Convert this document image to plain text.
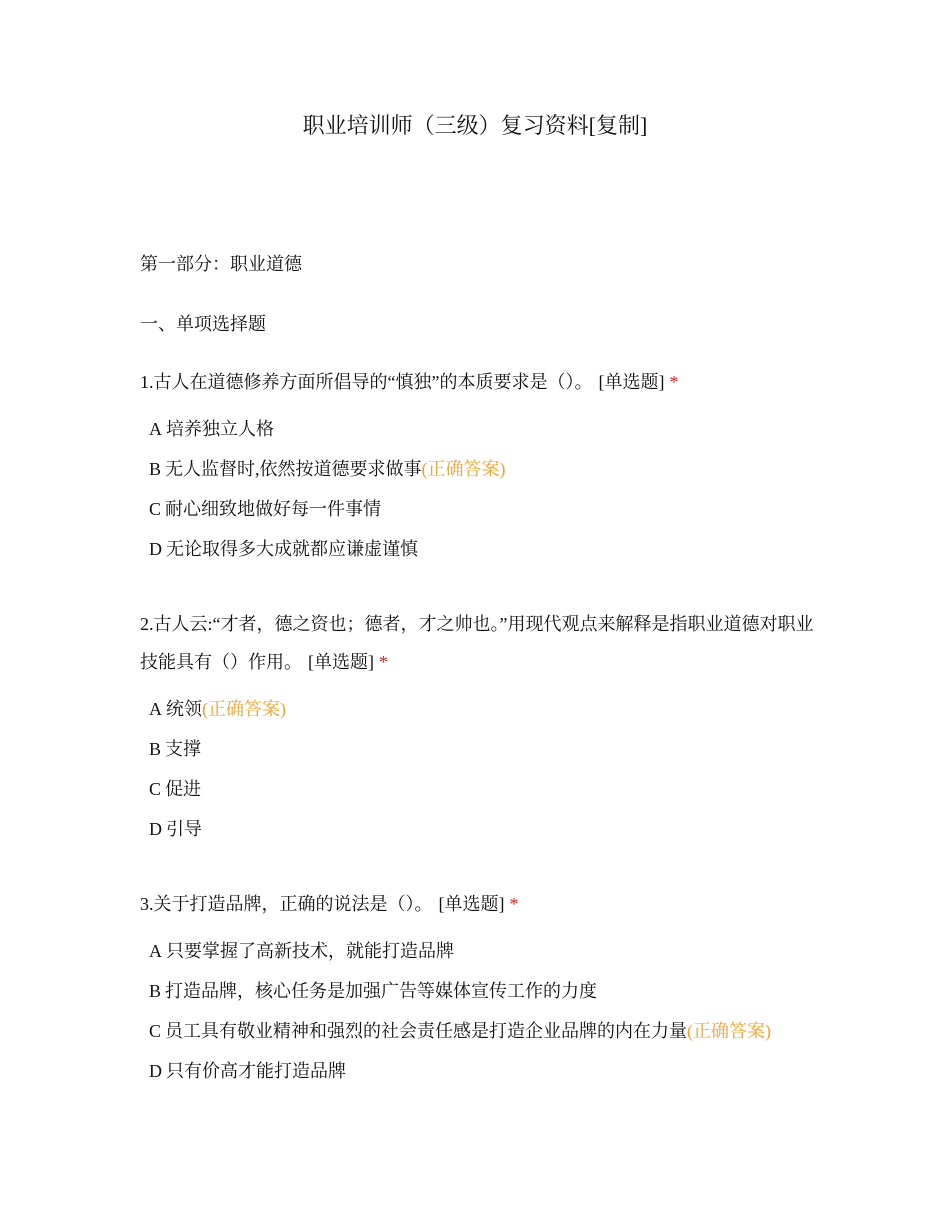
职业培训师（三级）复习资料[复制]
第一部分：职业道德
一、单项选择题
1.古人在道德修养方面所倡导的“慎独”的本质要求是（）。 [单选题] *
A 培养独立人格
B 无人监督时,依然按道德要求做事(正确答案)
C 耐心细致地做好每一件事情
D 无论取得多大成就都应谦虚谨慎
2.古人云:“才者，德之资也；德者，才之帅也。”用现代观点来解释是指职业道德对职业技能具有（）作用。 [单选题] *
A 统领(正确答案)
B 支撑
C 促进
D 引导
3.关于打造品牌，正确的说法是（）。 [单选题] *
A 只要掌握了高新技术，就能打造品牌
B 打造品牌，核心任务是加强广告等媒体宣传工作的力度
C 员工具有敬业精神和强烈的社会责任感是打造企业品牌的内在力量(正确答案)
D 只有价高才能打造品牌
